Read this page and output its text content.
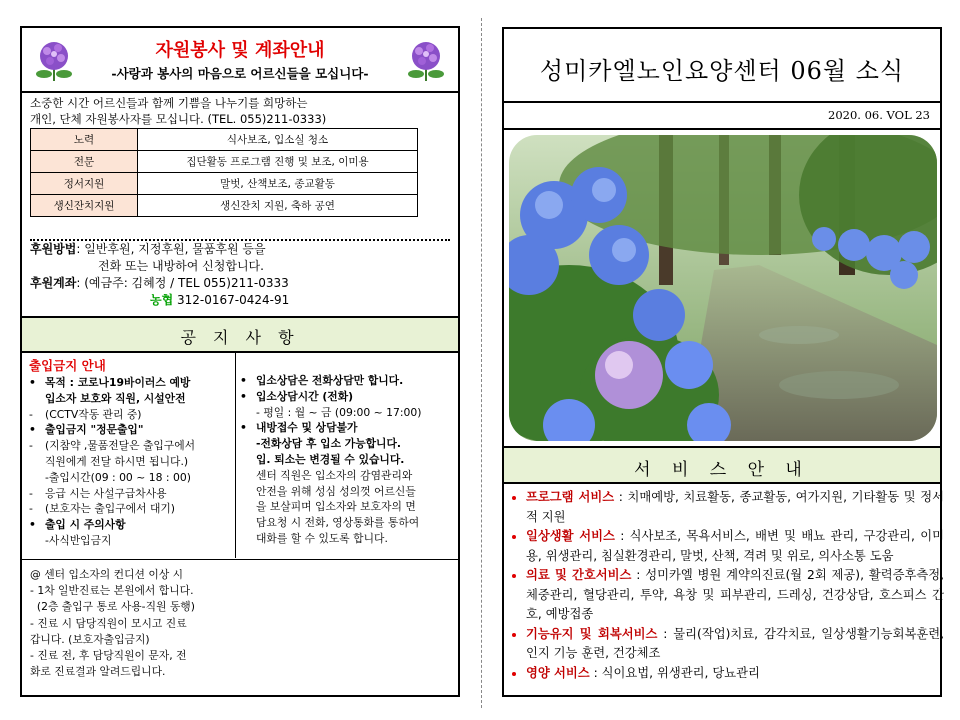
자원봉사 및 계좌안내
-사랑과 봉사의 마음으로 어르신들을 모십니다-
소중한 시간 어르신들과 함께 기쁨을 나누기를 희망하는
개인, 단체 자원봉사자를 모십니다. (TEL. 055)211-0333)
노력	식사보조, 입소실 청소
전문	집단활동 프로그램 진행 및 보조, 이미용
정서지원	말벗, 산책보조, 종교활동
생신잔치지원	생신잔치 지원, 축하 공연
후원방법: 일반후원, 지정후원, 물품후원 등을
전화 또는 내방하여 신청합니다.
후원계좌: (예금주: 김혜정 / TEL 055)211-0333
농협 312-0167-0424-91
공 지 사 항
출입금지 안내
• 목적 : 코로나19바이러스 예방
입소자 보호와 직원, 시설안전
- (CCTV작동 관리 중)
• 출입금지 "정문출입"
- (지참약 ,물품전달은 출입구에서
직원에게 전달 하시면 됩니다.)
-출입시간(09 : 00 ~ 18 : 00)
- 응급 시는 사설구급차사용
- (보호자는 출입구에서 대기)
• 출입 시 주의사항
-사식반입금지
• 입소상담은 전화상담만 합니다.
• 입소상담시간 (전화)
- 평일 : 월 ~ 금 (09:00 ~ 17:00)
• 내방접수 및 상담불가
-전화상담 후 입소 가능합니다.
입. 퇴소는 변경될 수 있습니다.
센터 직원은 입소자의 감염관리와
안전을 위해 성심 성의껏 어르신들
을 보살피며 입소자와 보호자의 면
담요청 시 전화, 영상통화를 통하여
대화를 할 수 있도록 합니다.
@ 센터 입소자의 컨디션 이상 시
- 1차 일반진료는 본원에서 합니다.
(2층 출입구 통로 사용-직원 동행)
- 진료 시 담당직원이 모시고 진료
갑니다. (보호자출입금지)
- 진료 전, 후 담당직원이 문자, 전
화로 진료결과 알려드립니다.
성미카엘노인요양센터 06월 소식
2020. 06. VOL 23
서 비 스 안 내
• 프로그램 서비스 : 치매예방, 치료활동, 종교활동, 여가지원, 기타활동 및 정서적 지원
• 일상생활 서비스 : 식사보조, 목욕서비스, 배변 및 배뇨 관리, 구강관리, 이미용, 위생관리, 침실환경관리, 말벗, 산책, 격려 및 위로, 의사소통 도움
• 의료 및 간호서비스 : 성미카엘 병원 계약의진료(월 2회 제공), 활력증후측정, 체중관리, 혈당관리, 투약, 욕창 및 피부관리, 드레싱, 건강상담, 호스피스 간호, 예방접종
• 기능유지 및 회복서비스 : 물리(작업)치료, 감각치료, 일상생활기능회복훈련, 인지 기능 훈련, 건강체조
• 영양 서비스 : 식이요법, 위생관리, 당뇨관리
